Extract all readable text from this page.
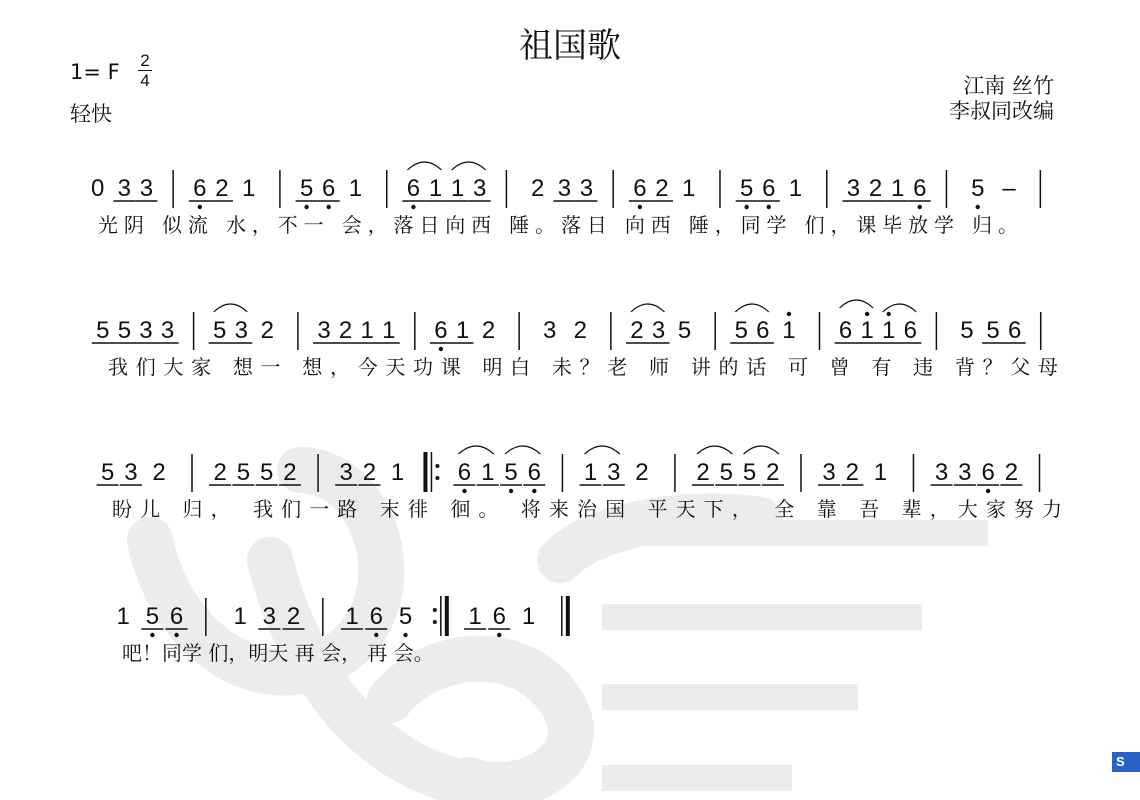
祖国歌
1= F 2
4
轻快
江南 丝竹
李叔同改编
0 3 3 6 2 1 5 6 1 6 1 1 3 2 3 3 6 2 1 5 6 1 3 2 1 6 5 –
光阴 似流 水，不一 会，落日向西 陲。落日 向西 陲，同学 们，课毕放学 归。
5 5 3 3 5 3 2 3 2 1 1 6 1 2 3 2 2 3 5 5 6 1 6 1 1 6 5 5 6
我们大家 想一 想，今天功课 明白 未？老 师 讲的话 可 曾 有 违 背？父母
5 3 2 2 5 5 2 3 2 1 6 1 5 6 1 3 2 2 5 5 2 3 2 1 3 3 6 2
盼儿 归， 我们一路 末徘 徊。 将来治国 平天下， 全 靠 吾 辈，大家努力
1 5 6 1 3 2 1 6 5 1 6 1
吧！同学 们，明天 再 会， 再 会。
S
